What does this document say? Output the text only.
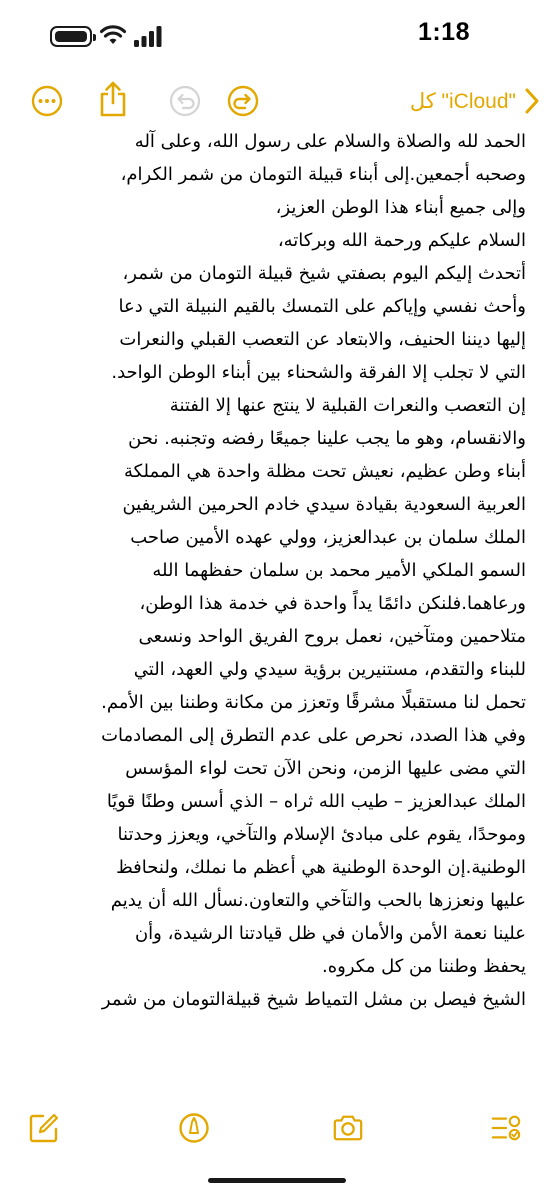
1:18
كل "iCloud"
الحمد لله والصلاة والسلام على رسول الله، وعلى آله
وصحبه أجمعين.إلى أبناء قبيلة التومان من شمر الكرام،
وإلى جميع أبناء هذا الوطن العزيز،
السلام عليكم ورحمة الله وبركاته،
أتحدث إليكم اليوم بصفتي شيخ قبيلة التومان من شمر،
وأحث نفسي وإياكم على التمسك بالقيم النبيلة التي دعا
إليها ديننا الحنيف، والابتعاد عن التعصب القبلي والنعرات
التي لا تجلب إلا الفرقة والشحناء بين أبناء الوطن الواحد.
إن التعصب والنعرات القبلية لا ينتج عنها إلا الفتنة
والانقسام، وهو ما يجب علينا جميعًا رفضه وتجنبه. نحن
أبناء وطن عظيم، نعيش تحت مظلة واحدة هي المملكة
العربية السعودية بقيادة سيدي خادم الحرمين الشريفين
الملك سلمان بن عبدالعزيز، وولي عهده الأمين صاحب
السمو الملكي الأمير محمد بن سلمان حفظهما الله
ورعاهما.فلنكن دائمًا يداً واحدة في خدمة هذا الوطن،
متلاحمين ومتآخين، نعمل بروح الفريق الواحد ونسعى
للبناء والتقدم، مستنيرين برؤية سيدي ولي العهد، التي
تحمل لنا مستقبلًا مشرقًا وتعزز من مكانة وطننا بين الأمم.
وفي هذا الصدد، نحرص على عدم التطرق إلى المصادمات
التي مضى عليها الزمن، ونحن الآن تحت لواء المؤسس
الملك عبدالعزيز – طيب الله ثراه – الذي أسس وطنًا قويًا
وموحدًا، يقوم على مبادئ الإسلام والتآخي، ويعزز وحدتنا
الوطنية.إن الوحدة الوطنية هي أعظم ما نملك، ولنحافظ
عليها ونعززها بالحب والتآخي والتعاون.نسأل الله أن يديم
علينا نعمة الأمن والأمان في ظل قيادتنا الرشيدة، وأن
يحفظ وطننا من كل مكروه.
الشيخ فيصل بن مشل التمياط شيخ قبيلةالتومان من شمر
